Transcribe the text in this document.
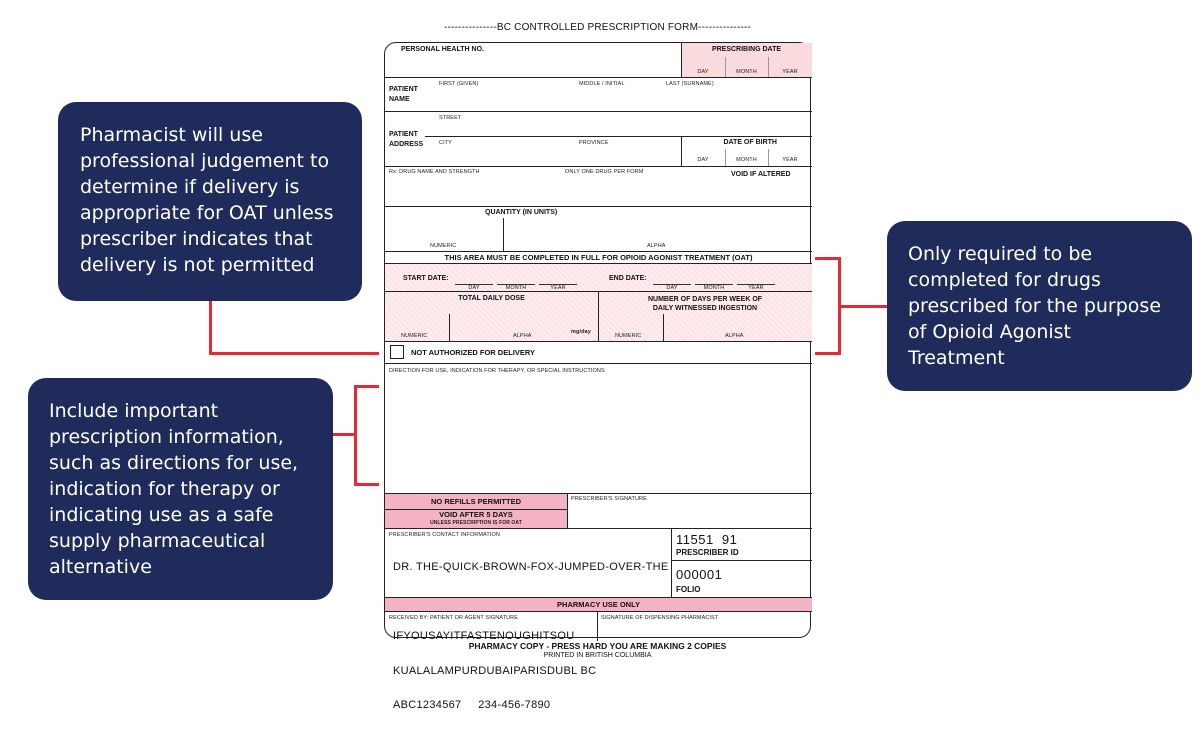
---------------BC CONTROLLED PRESCRIPTION FORM---------------
PERSONAL HEALTH NO.	PRESCRIBING DATE
DAY	MONTH	YEAR
PATIENT
NAME
FIRST (GIVEN)	MIDDLE / INITIAL	LAST (SURNAME)
STREET
PATIENT
ADDRESS	CITY	PROVINCE	DATE OF BIRTH
DAY	MONTH	YEAR
Rx: DRUG NAME AND STRENGTH	ONLY ONE DRUG PER FORM	VOID IF ALTERED
QUANTITY (IN UNITS)
NUMERIC	ALPHA
THIS AREA MUST BE COMPLETED IN FULL FOR OPIOID AGONIST TREATMENT (OAT)
START DATE:
DAY	MONTH	YEAR
END DATE:
DAY	MONTH	YEAR
TOTAL DAILY DOSE	NUMBER OF DAYS PER WEEK OF
DAILY WITNESSED INGESTION
NUMERIC	ALPHA
mg/day
NUMERIC	ALPHA
NOT AUTHORIZED FOR DELIVERY
DIRECTION FOR USE, INDICATION FOR THERAPY, OR SPECIAL INSTRUCTIONS
NO REFILLS PERMITTED
VOID AFTER 5 DAYS
UNLESS PRESCRIPTION IS FOR OAT
PRESCRIBER'S SIGNATURE
PRESCRIBER'S CONTACT INFORMATION

DR. THE-QUICK-BROWN-FOX-JUMPED-OVER-THE

IFYOUSAYITFASTENOUGHITSOU

KUALALAMPURDUBAIPARISDUBL BC

ABC1234567     234-456-7890

11551  91
PRESCRIBER ID
000001
FOLIO
PHARMACY USE ONLY
RECEIVED BY: PATIENT OR AGENT SIGNATURE	SIGNATURE OF DISPENSING PHARMACIST
PHARMACY COPY - PRESS HARD YOU ARE MAKING 2 COPIES
PRINTED IN BRITISH COLUMBIA
Pharmacist will use professional judgement to determine if delivery is appropriate for OAT unless prescriber indicates that delivery is not permitted	Only required to be completed for drugs prescribed for the purpose of Opioid Agonist Treatment
Include important prescription information, such as directions for use, indication for therapy or indicating use as a safe supply pharmaceutical alternative
